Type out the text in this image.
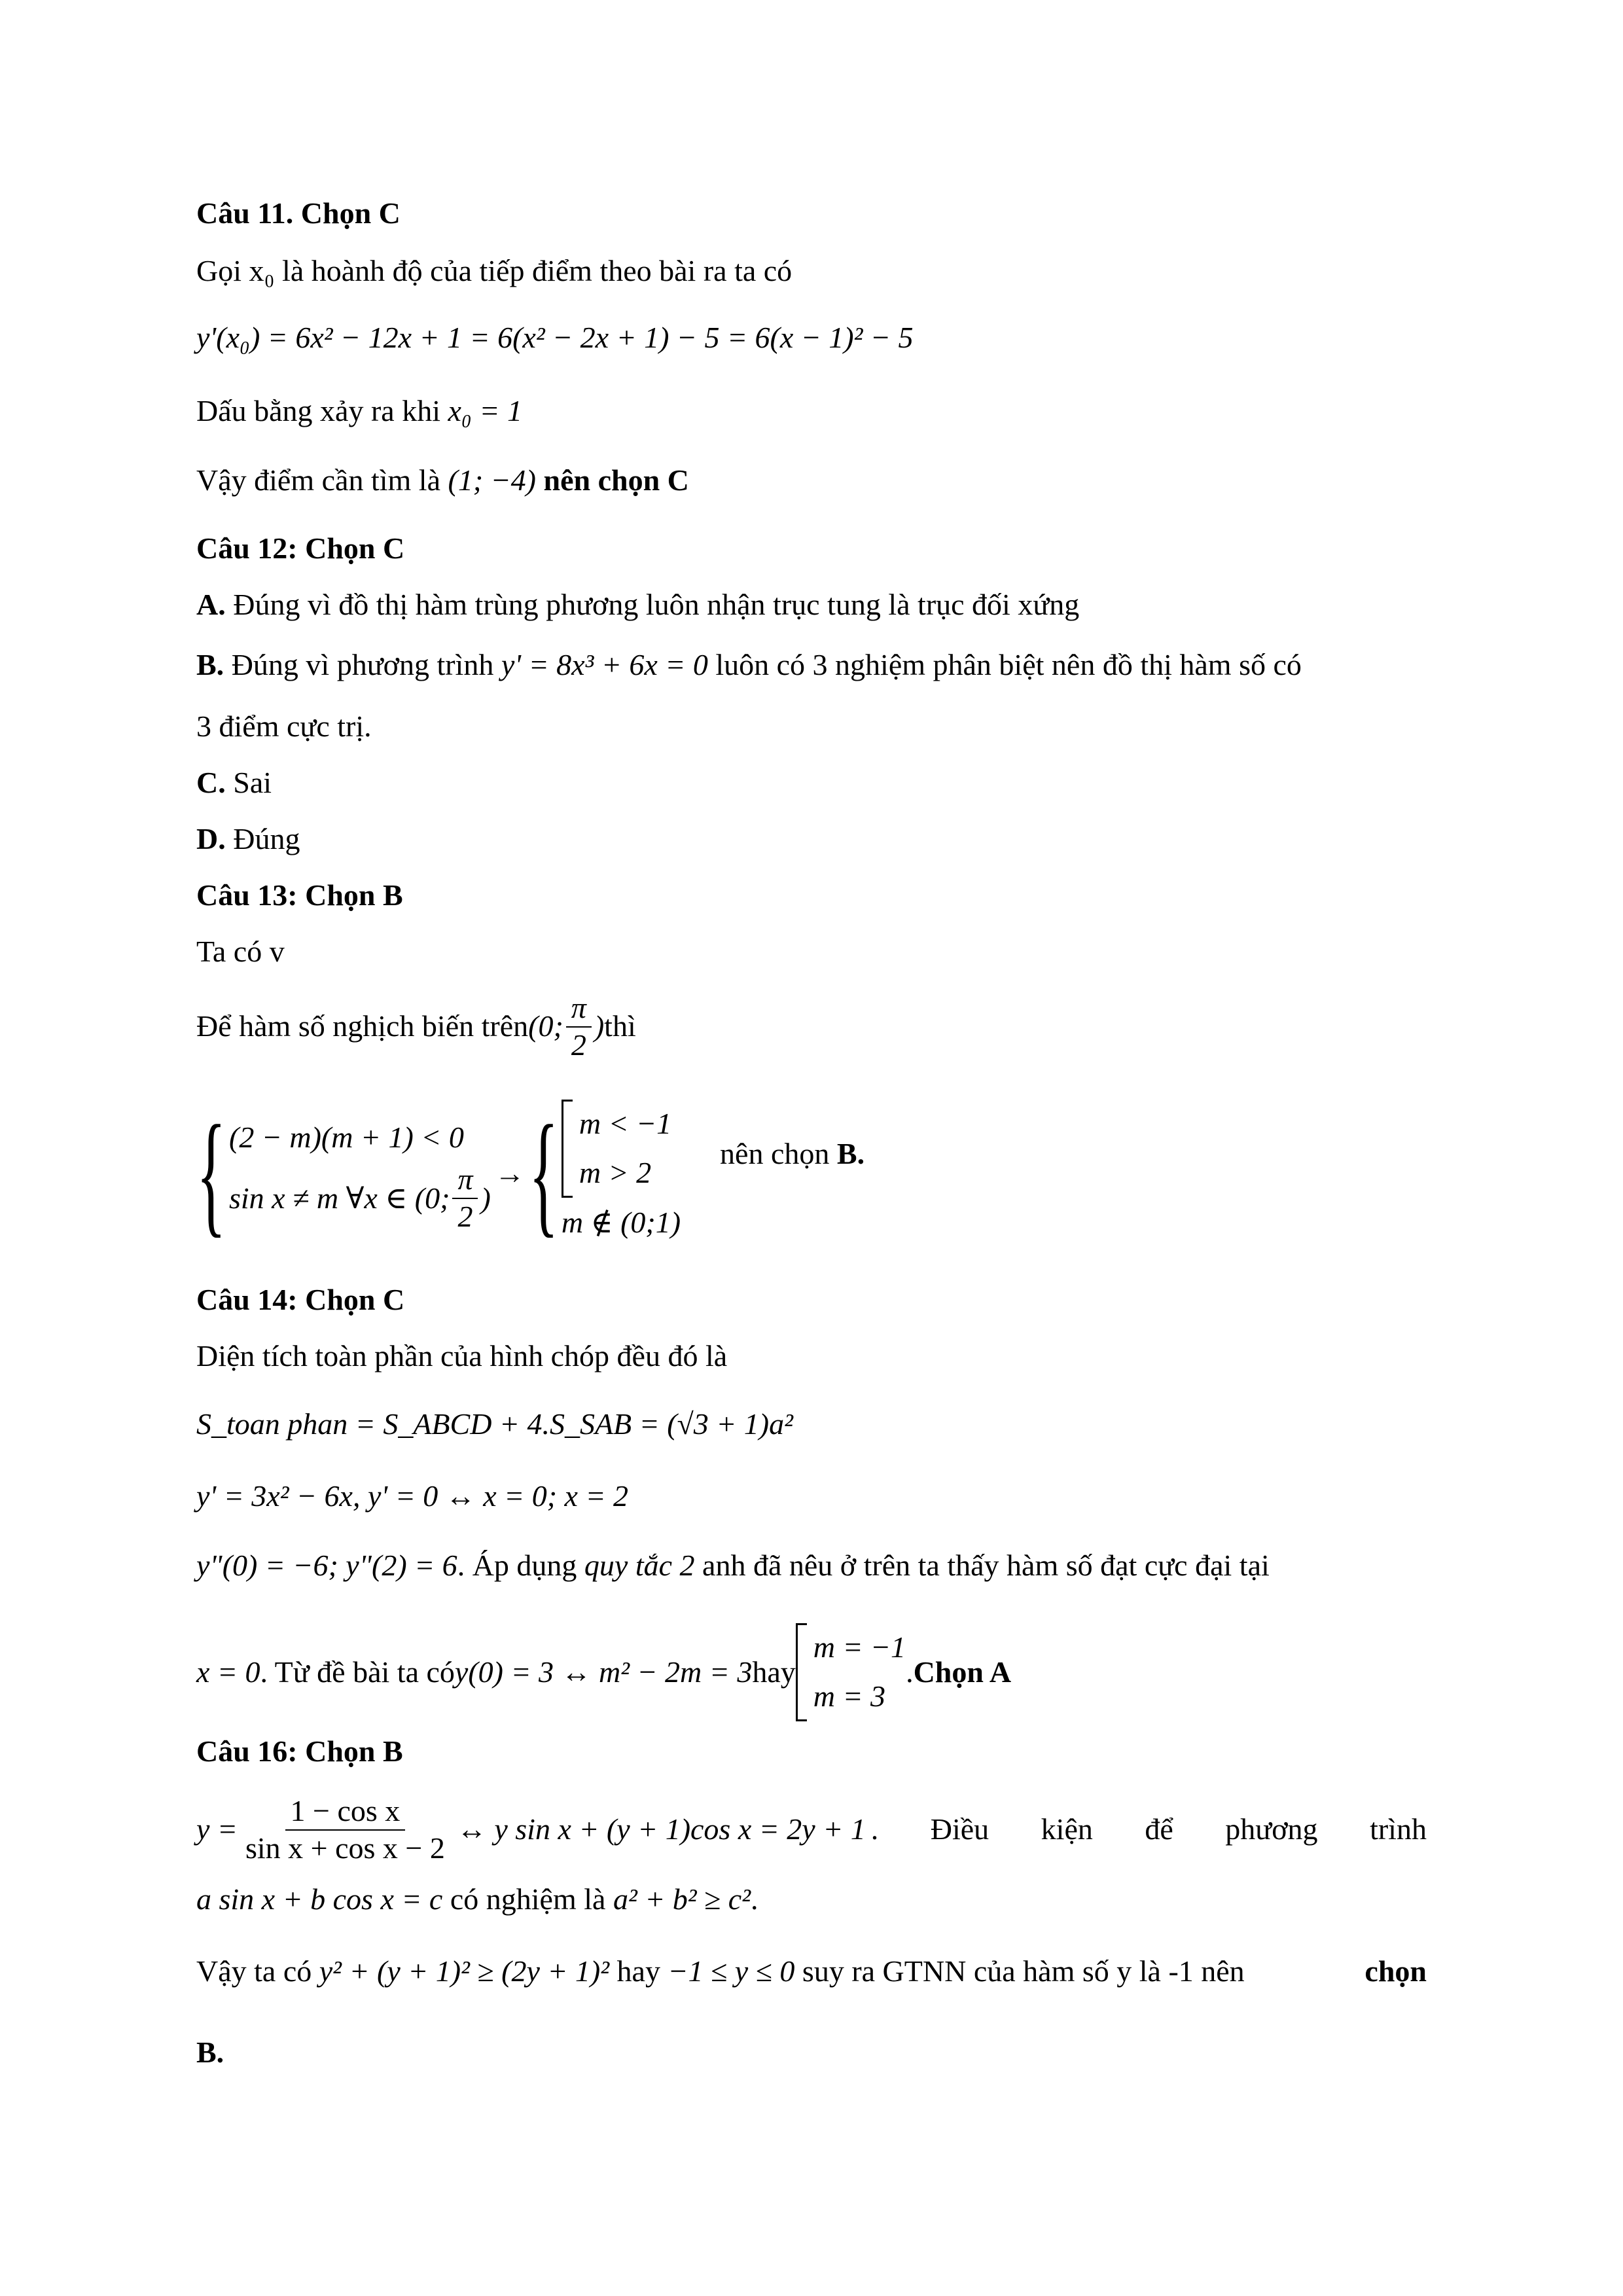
Câu 11. Chọn C
Gọi x₀ là hoành độ của tiếp điểm theo bài ra ta có
y'(x₀) = 6x² − 12x + 1 = 6(x² − 2x + 1) − 5 = 6(x − 1)² − 5
Dấu bằng xảy ra khi x₀ = 1
Vậy điểm cần tìm là (1; −4) nên chọn C
Câu 12: Chọn C
A. Đúng vì đồ thị hàm trùng phương luôn nhận trục tung là trục đối xứng
B. Đúng vì phương trình y' = 8x³ + 6x = 0 luôn có 3 nghiệm phân biệt nên đồ thị hàm số có
3 điểm cực trị.
C. Sai
D. Đúng
Câu 13: Chọn B
Ta có v
Để hàm số nghịch biến trên (0; $\frac{\pi}{2}$ ) thì
{ (2 − m)(m + 1) < 0
sin x ≠ m ∀x ∈ (0; $\frac{\pi}{2}$ )
→ { m < −1
m > 2
m ∉ (0;1)
nên chọn B.
Câu 14: Chọn C
Diện tích toàn phần của hình chóp đều đó là
S_toan phan = S_ABCD + 4.S_SAB = (√3 + 1)a²
y' = 3x² − 6x, y' = 0 ↔ x = 0; x = 2
y"(0) = −6; y"(2) = 6. Áp dụng quy tắc 2 anh đã nêu ở trên ta thấy hàm số đạt cực đại tại
x = 0 . Từ đề bài ta có y(0) = 3 ↔ m² − 2m = 3 hay
m = −1
m = 3
. Chọn A
Câu 16: Chọn B
$y = \frac{\text{1 − cos x}}{\text{sin x + cos x − 2}}$ ↔ y sin x + (y + 1)cos x = 2y + 1 . Điều kiện để phương trình
a sin x + b cos x = c có nghiệm là a² + b² ≥ c².
Vậy ta có y² + (y + 1)² ≥ (2y + 1)² hay −1 ≤ y ≤ 0 suy ra GTNN của hàm số y là -1 nên	chọn
B.
